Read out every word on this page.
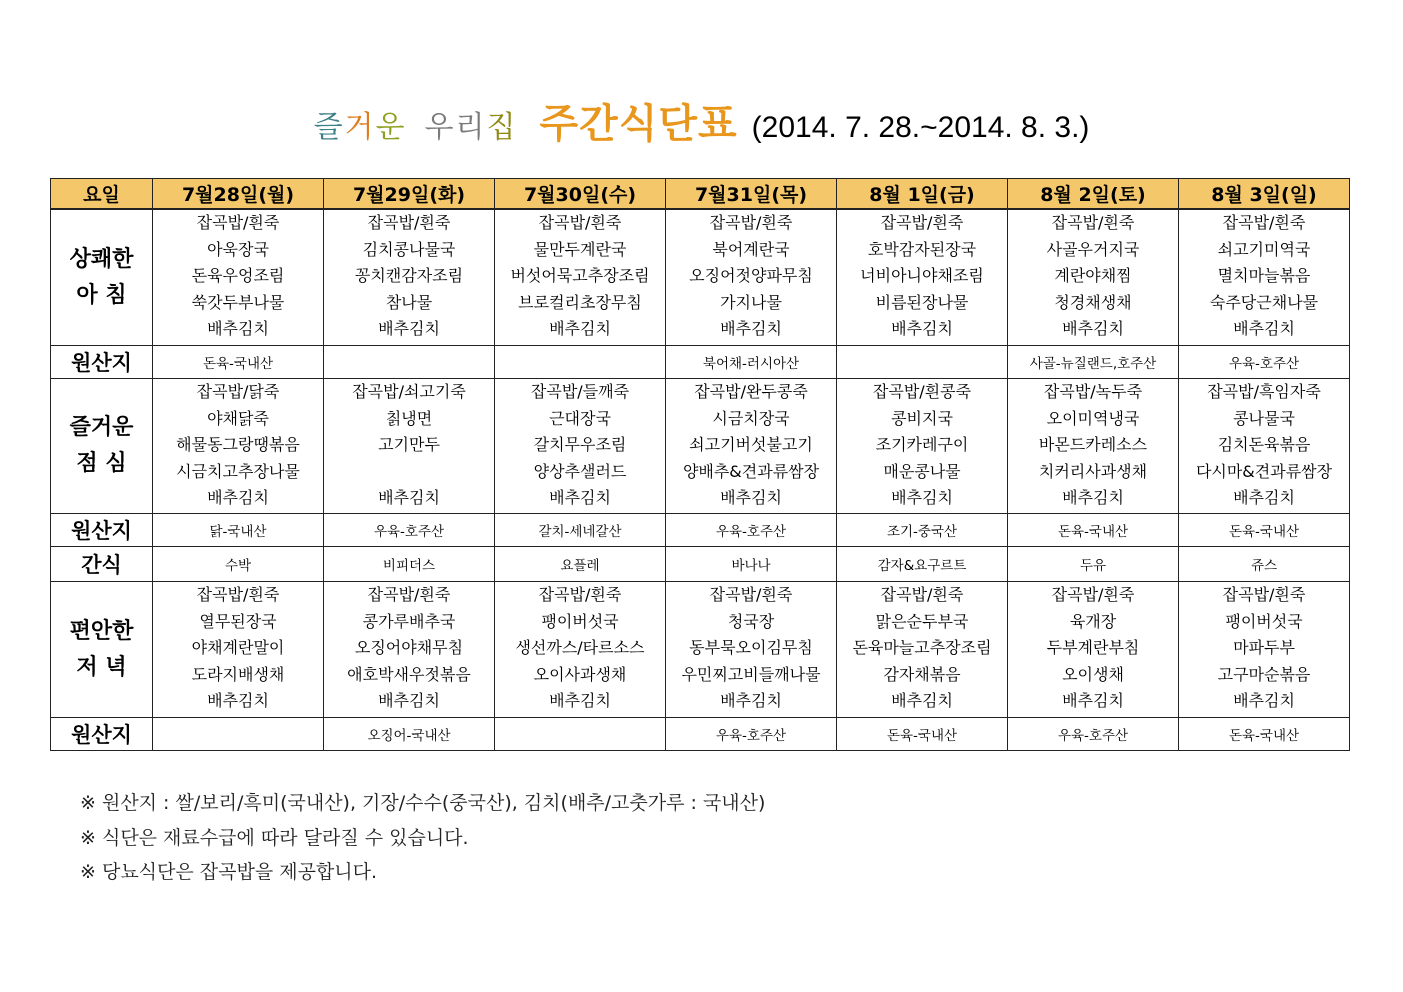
즐거운 우리집 주간식단표 (2014. 7. 28.~2014. 8. 3.)
요일	7월28일(월)	7월29일(화)	7월30일(수)	7월31일(목)	8월 1일(금)	8월 2일(토)	8월 3일(일)

상쾌한
아 침	잡곡밥/흰죽
아욱장국
돈육우엉조림
쑥갓두부나물
배추김치	잡곡밥/흰죽
김치콩나물국
꽁치캔감자조림
참나물
배추김치	잡곡밥/흰죽
물만두계란국
버섯어묵고추장조림
브로컬리초장무침
배추김치	잡곡밥/흰죽
북어계란국
오징어젓양파무침
가지나물
배추김치	잡곡밥/흰죽
호박감자된장국
너비아니야채조림
비름된장나물
배추김치	잡곡밥/흰죽
사골우거지국
계란야채찜
청경채생채
배추김치	잡곡밥/흰죽
쇠고기미역국
멸치마늘볶음
숙주당근채나물
배추김치

원산지	돈육-국내산			북어채-러시아산		사골-뉴질랜드,호주산	우육-호주산

즐거운
점 심	잡곡밥/닭죽
야채닭죽
해물동그랑땡볶음
시금치고추장나물
배추김치	잡곡밥/쇠고기죽
칡냉면
고기만두
배추김치	잡곡밥/들깨죽
근대장국
갈치무우조림
양상추샐러드
배추김치	잡곡밥/완두콩죽
시금치장국
쇠고기버섯불고기
양배추&견과류쌈장
배추김치	잡곡밥/흰콩죽
콩비지국
조기카레구이
매운콩나물
배추김치	잡곡밥/녹두죽
오이미역냉국
바몬드카레소스
치커리사과생채
배추김치	잡곡밥/흑임자죽
콩나물국
김치돈육볶음
다시마&견과류쌈장
배추김치

원산지	닭-국내산	우육-호주산	갈치-세네갈산	우육-호주산	조기-중국산	돈육-국내산	돈육-국내산
간식	수박	비피더스	요플레	바나나	감자&요구르트	두유	쥬스

편안한
저 녁	잡곡밥/흰죽
열무된장국
야채계란말이
도라지배생채
배추김치	잡곡밥/흰죽
콩가루배추국
오징어야채무침
애호박새우젓볶음
배추김치	잡곡밥/흰죽
팽이버섯국
생선까스/타르소스
오이사과생채
배추김치	잡곡밥/흰죽
청국장
동부묵오이김무침
우민찌고비들깨나물
배추김치	잡곡밥/흰죽
맑은순두부국
돈육마늘고추장조림
감자채볶음
배추김치	잡곡밥/흰죽
육개장
두부계란부침
오이생채
배추김치	잡곡밥/흰죽
팽이버섯국
마파두부
고구마순볶음
배추김치

원산지		오징어-국내산		우육-호주산	돈육-국내산	우육-호주산	돈육-국내산
※ 원산지 : 쌀/보리/흑미(국내산), 기장/수수(중국산), 김치(배추/고춧가루 : 국내산)
※ 식단은 재료수급에 따라 달라질 수 있습니다.
※ 당뇨식단은 잡곡밥을 제공합니다.
